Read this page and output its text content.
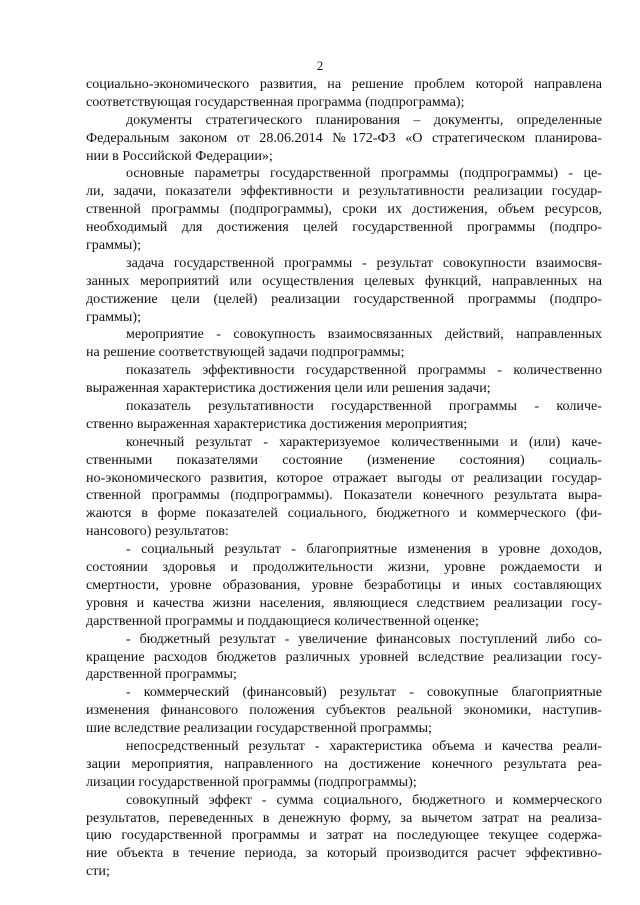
2
социально-экономического развития, на решение проблем которой направлена
соответствующая государственная программа (подпрограмма);
документы стратегического планирования – документы, определенные
Федеральным законом от 28.06.2014 №172-ФЗ «О стратегическом планирова-
нии в Российской Федерации»;
основные параметры государственной программы (подпрограммы) - це-
ли, задачи, показатели эффективности и результативности реализации государ-
ственной программы (подпрограммы), сроки их достижения, объем ресурсов,
необходимый для достижения целей государственной программы (подпро-
граммы);
задача государственной программы - результат совокупности взаимосвя-
занных мероприятий или осуществления целевых функций, направленных на
достижение цели (целей) реализации государственной программы (подпро-
граммы);
мероприятие - совокупность взаимосвязанных действий, направленных
на решение соответствующей задачи подпрограммы;
показатель эффективности государственной программы - количественно
выраженная характеристика достижения цели или решения задачи;
показатель результативности государственной программы - количе-
ственно выраженная характеристика достижения мероприятия;
конечный результат - характеризуемое количественными и (или) каче-
ственными показателями состояние (изменение состояния) социаль-
но-экономического развития, которое отражает выгоды от реализации государ-
ственной программы (подпрограммы). Показатели конечного результата выра-
жаются в форме показателей социального, бюджетного и коммерческого (фи-
нансового) результатов:
- социальный результат - благоприятные изменения в уровне доходов,
состоянии здоровья и продолжительности жизни, уровне рождаемости и
смертности, уровне образования, уровне безработицы и иных составляющих
уровня и качества жизни населения, являющиеся следствием реализации госу-
дарственной программы и поддающиеся количественной оценке;
- бюджетный результат - увеличение финансовых поступлений либо со-
кращение расходов бюджетов различных уровней вследствие реализации госу-
дарственной программы;
- коммерческий (финансовый) результат - совокупные благоприятные
изменения финансового положения субъектов реальной экономики, наступив-
шие вследствие реализации государственной программы;
непосредственный результат - характеристика объема и качества реали-
зации мероприятия, направленного на достижение конечного результата реа-
лизации государственной программы (подпрограммы);
совокупный эффект - сумма социального, бюджетного и коммерческого
результатов, переведенных в денежную форму, за вычетом затрат на реализа-
цию государственной программы и затрат на последующее текущее содержа-
ние объекта в течение периода, за который производится расчет эффективно-
сти;
